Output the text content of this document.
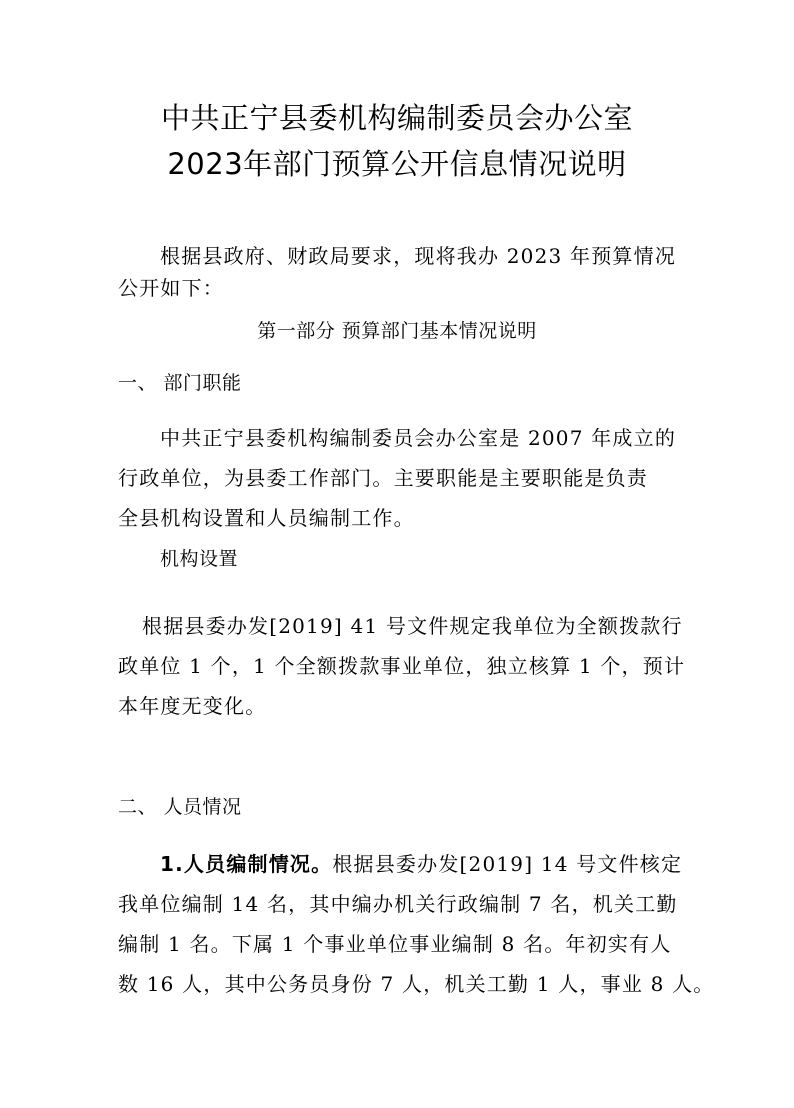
中共正宁县委机构编制委员会办公室
2023年部门预算公开信息情况说明
根据县政府、财政局要求，现将我办 2023 年预算情况
公开如下：
第一部分 预算部门基本情况说明
一、 部门职能
中共正宁县委机构编制委员会办公室是 2007 年成立的
行政单位，为县委工作部门。主要职能是主要职能是负责
全县机构设置和人员编制工作。
机构设置
根据县委办发[2019] 41 号文件规定我单位为全额拨款行
政单位 1 个，1 个全额拨款事业单位，独立核算 1 个，预计
本年度无变化。
二、 人员情况
1.人员编制情况。根据县委办发[2019] 14 号文件核定
我单位编制 14 名，其中编办机关行政编制 7 名，机关工勤
编制 1 名。下属 1 个事业单位事业编制 8 名。年初实有人
数 16 人，其中公务员身份 7 人，机关工勤 1 人，事业 8 人。
